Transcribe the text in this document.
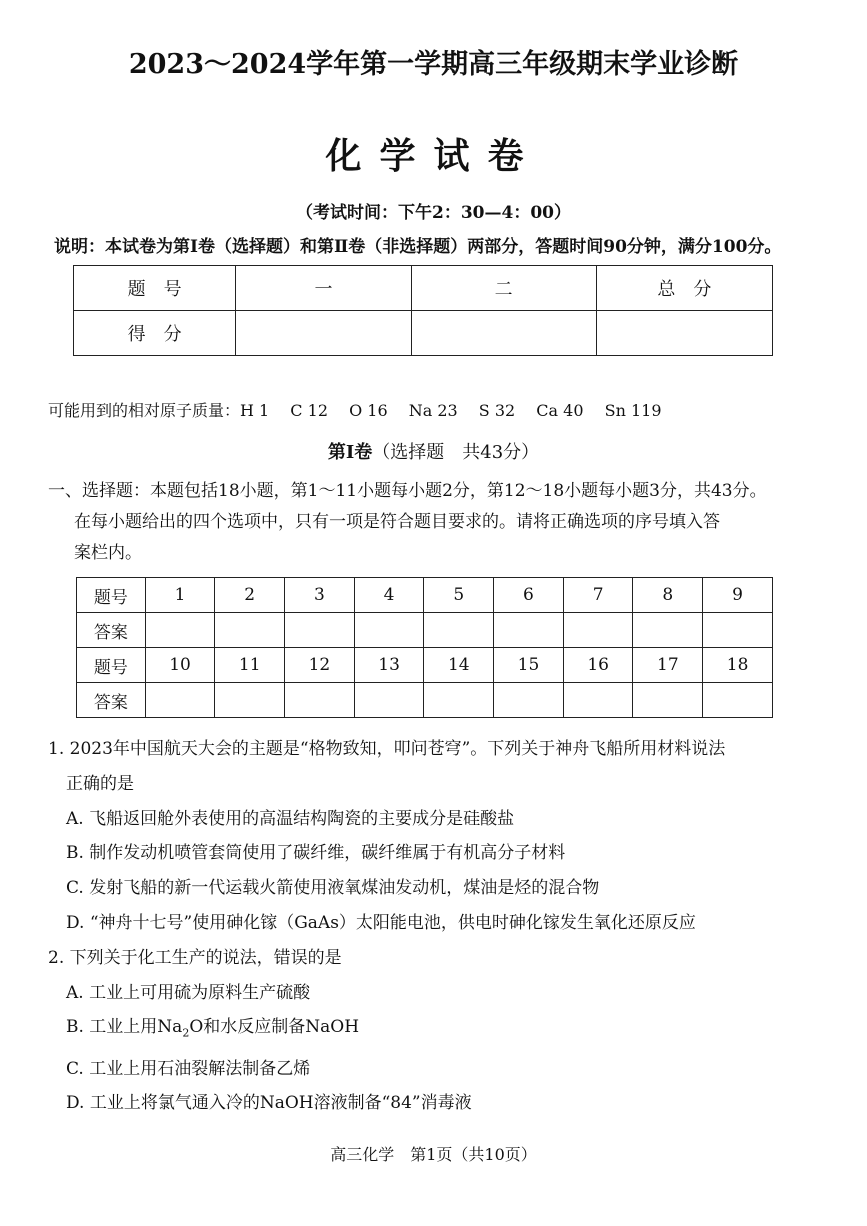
2023～2024学年第一学期高三年级期末学业诊断
化学试卷
（考试时间：下午2：30—4：00）
说明：本试卷为第Ⅰ卷（选择题）和第Ⅱ卷（非选择题）两部分，答题时间90分钟，满分100分。
题　号	一	二	总　分
得　分			
可能用到的相对原子质量：H 1　 C 12　 O 16　 Na 23　 S 32　 Ca 40　 Sn 119
第Ⅰ卷（选择题　共43分）
一、选择题：本题包括18小题，第1～11小题每小题2分，第12～18小题每小题3分，共43分。
在每小题给出的四个选项中，只有一项是符合题目要求的。请将正确选项的序号填入答
案栏内。
题号	1	2	3	4	5	6	7	8	9
答案									
题号	10	11	12	13	14	15	16	17	18
答案									

1. 2023年中国航天大会的主题是“格物致知，叩问苍穹”。下列关于神舟飞船所用材料说法

正确的是

A. 飞船返回舱外表使用的高温结构陶瓷的主要成分是硅酸盐

B. 制作发动机喷管套筒使用了碳纤维，碳纤维属于有机高分子材料

C. 发射飞船的新一代运载火箭使用液氧煤油发动机，煤油是烃的混合物

D. “神舟十七号”使用砷化镓（GaAs）太阳能电池，供电时砷化镓发生氧化还原反应

2. 下列关于化工生产的说法，错误的是

A. 工业上可用硫为原料生产硫酸

B. 工业上用$Na_2O$和水反应制备NaOH

C. 工业上用石油裂解法制备乙烯

D. 工业上将氯气通入冷的NaOH溶液制备“84”消毒液

高三化学　第1页（共10页）
